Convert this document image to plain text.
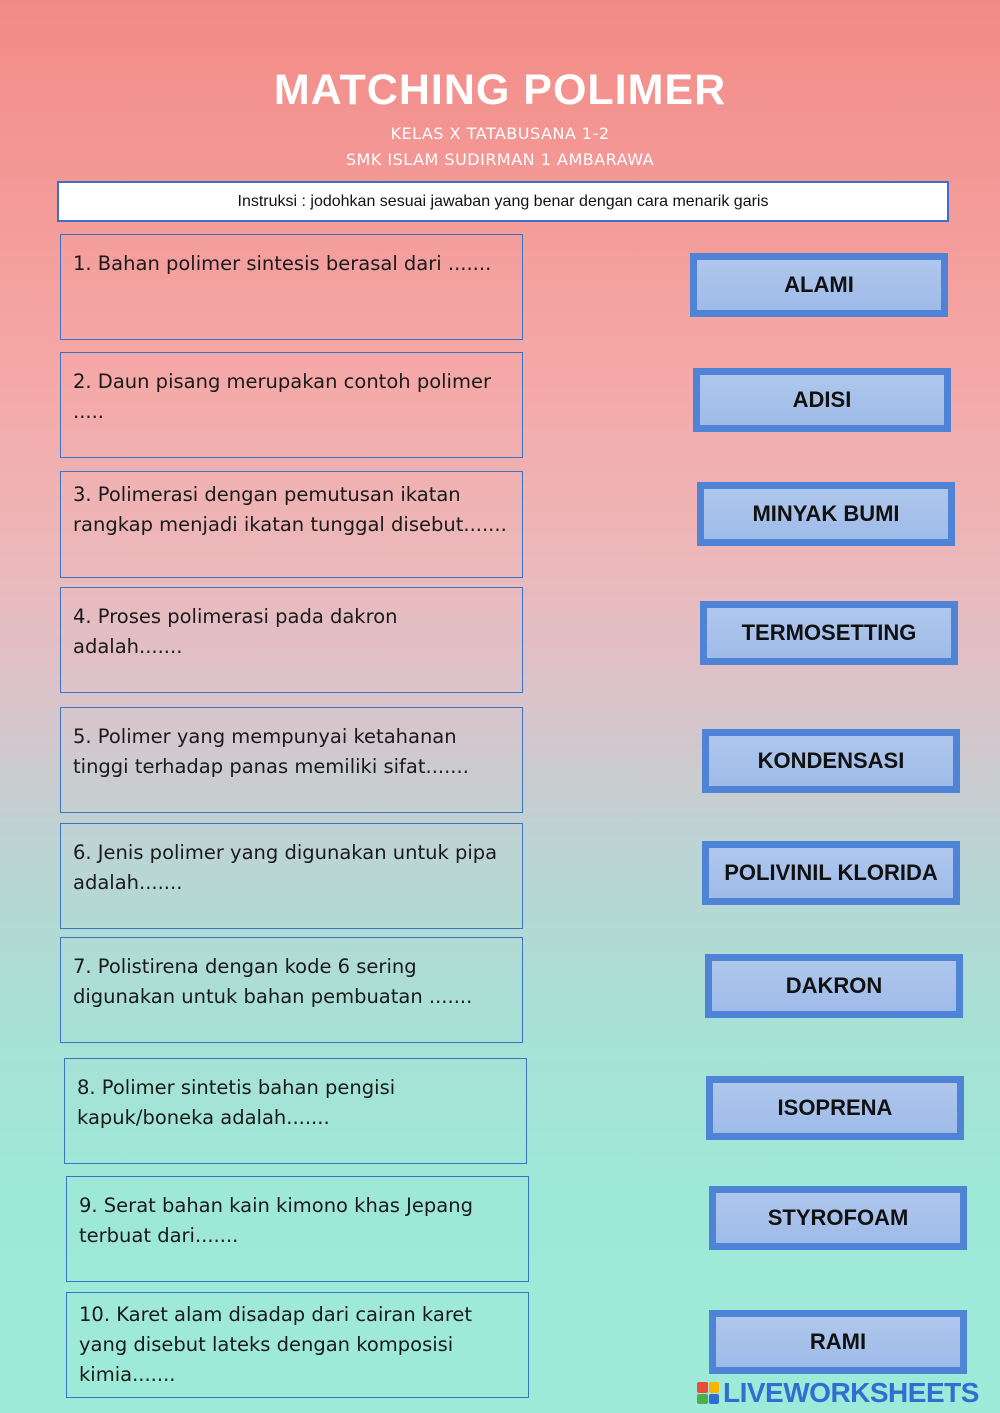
MATCHING POLIMER
KELAS X TATABUSANA 1-2
SMK ISLAM SUDIRMAN 1 AMBARAWA
Instruksi : jodohkan sesuai jawaban yang benar dengan cara menarik garis
1. Bahan polimer sintesis berasal dari .......
2. Daun pisang merupakan contoh polimer .....
3. Polimerasi dengan pemutusan ikatan rangkap menjadi ikatan tunggal disebut.......
4. Proses polimerasi pada dakron adalah.......
5. Polimer yang mempunyai ketahanan tinggi terhadap panas memiliki sifat.......
6. Jenis polimer yang digunakan untuk pipa adalah.......
7. Polistirena dengan kode 6 sering digunakan untuk bahan pembuatan .......
8. Polimer sintetis bahan pengisi kapuk/boneka adalah.......
9. Serat bahan kain kimono khas Jepang terbuat dari.......
10. Karet alam disadap dari cairan karet yang disebut lateks dengan komposisi kimia.......
ALAMI
ADISI
MINYAK BUMI
TERMOSETTING
KONDENSASI
POLIVINIL KLORIDA
DAKRON
ISOPRENA
STYROFOAM
RAMI
LIVEWORKSHEETS
